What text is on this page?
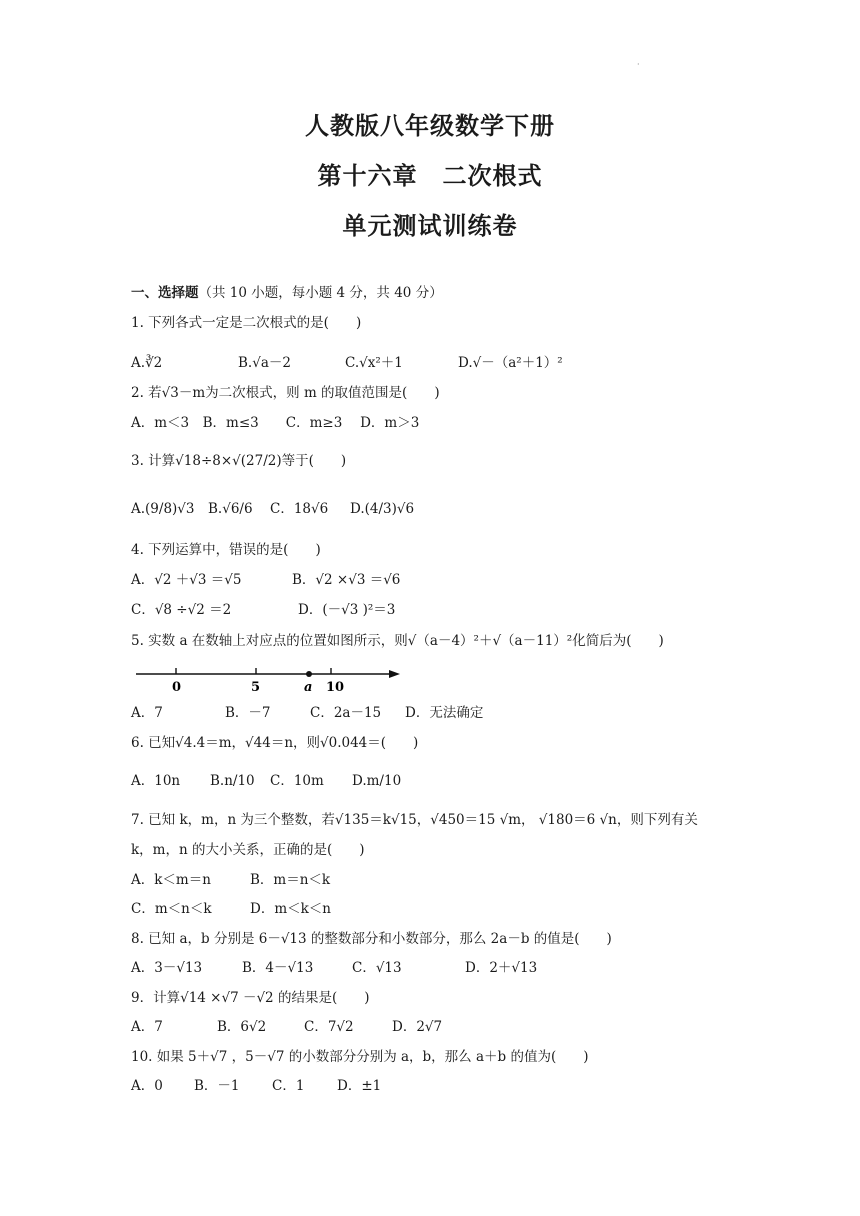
·
人教版八年级数学下册
第十六章　二次根式
单元测试训练卷
一、选择题（共 10 小题，每小题 4 分，共 40 分）
1. 下列各式一定是二次根式的是(　　)
A.∛2	B.√a－2	C.√x²＋1	D.√－（a²＋1）²
2. 若√3－m为二次根式，则 m 的取值范围是(　　)
A．m＜3　B．m≤3　　C．m≥3　 D．m＞3
3. 计算√18÷8×√(27/2)等于(　　)
A.(9/8)√3 B.√6/6 C．18√6 D.(4/3)√6
4. 下列运算中，错误的是(　　)
A．√2 ＋√3 ＝√5	B．√2 ×√3 ＝√6
C．√8 ÷√2 ＝2	D．(－√3 )²＝3
5. 实数 a 在数轴上对应点的位置如图所示，则√（a－4）²＋√（a－11）²化简后为(　　)
0	5	a 10
A．7	B．－7	C．2a－15 D．无法确定
6. 已知√4.4＝m，√44＝n，则√0.044＝(　　)
A．10n B.n/10 C．10m D.m/10
7. 已知 k，m，n 为三个整数，若√135＝k√15，√450＝15 √m， √180＝6 √n，则下列有关
k，m，n 的大小关系，正确的是(　　)
A．k＜m＝n	B．m＝n＜k
C．m＜n＜k	D．m＜k＜n
8. 已知 a，b 分别是 6－√13 的整数部分和小数部分，那么 2a－b 的值是(　　)
A．3－√13	B．4－√13	C．√13	D．2＋√13
9．计算√14 ×√7 －√2 的结果是(　　)
A．7	B．6√2	C．7√2	D．2√7
10. 如果 5＋√7 ，5－√7 的小数部分分别为 a，b，那么 a＋b 的值为(　　)
A．0 B．－1 C．1 D．±1
